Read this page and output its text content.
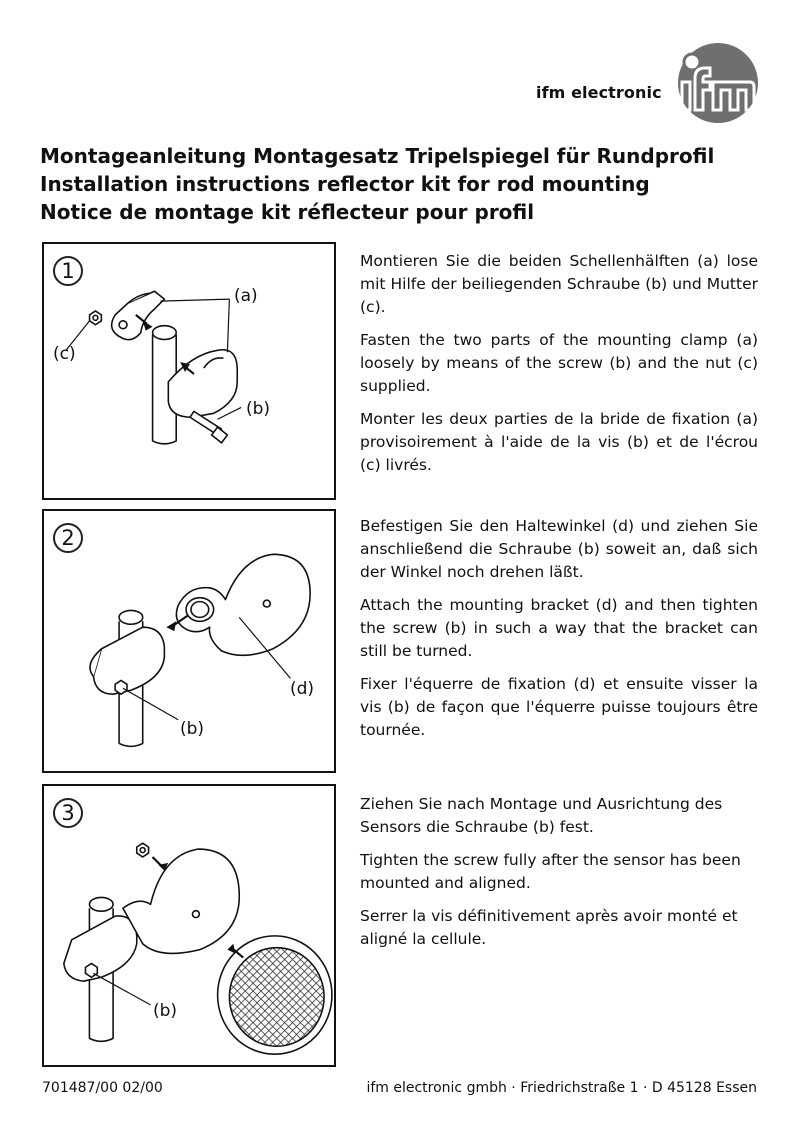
ifm electronic
ifm
Montageanleitung Montagesatz Tripelspiegel für Rundprofil
Installation instructions reflector kit for rod mounting
Notice de montage kit réflecteur pour profil
1
(a)
(c)
(b)
2
(d)
(b)
3
(b)

Montieren Sie die beiden Schellenhälften (a) lose mit Hilfe der beiliegenden Schraube (b) und Mutter (c).

Fasten the two parts of the mounting clamp (a) loosely by means of the screw (b) and the nut (c) supplied.

Monter les deux parties de la bride de fixation (a) provisoirement à l'aide de la vis (b) et de l'écrou (c) livrés.

Befestigen Sie den Haltewinkel (d) und ziehen Sie anschließend die Schraube (b) soweit an, daß sich der Winkel noch drehen läßt.

Attach the mounting bracket (d) and then tighten the screw (b) in such a way that the bracket can still be turned.

Fixer l'équerre de fixation (d) et ensuite visser la vis (b) de façon que l'équerre puisse toujours être tournée.

Ziehen Sie nach Montage und Ausrichtung des Sensors die Schraube (b) fest.

Tighten the screw fully after the sensor has been mounted and aligned.

Serrer la vis définitivement après avoir monté et aligné la cellule.

701487/00 02/00	ifm electronic gmbh · Friedrichstraße 1 · D 45128 Essen
